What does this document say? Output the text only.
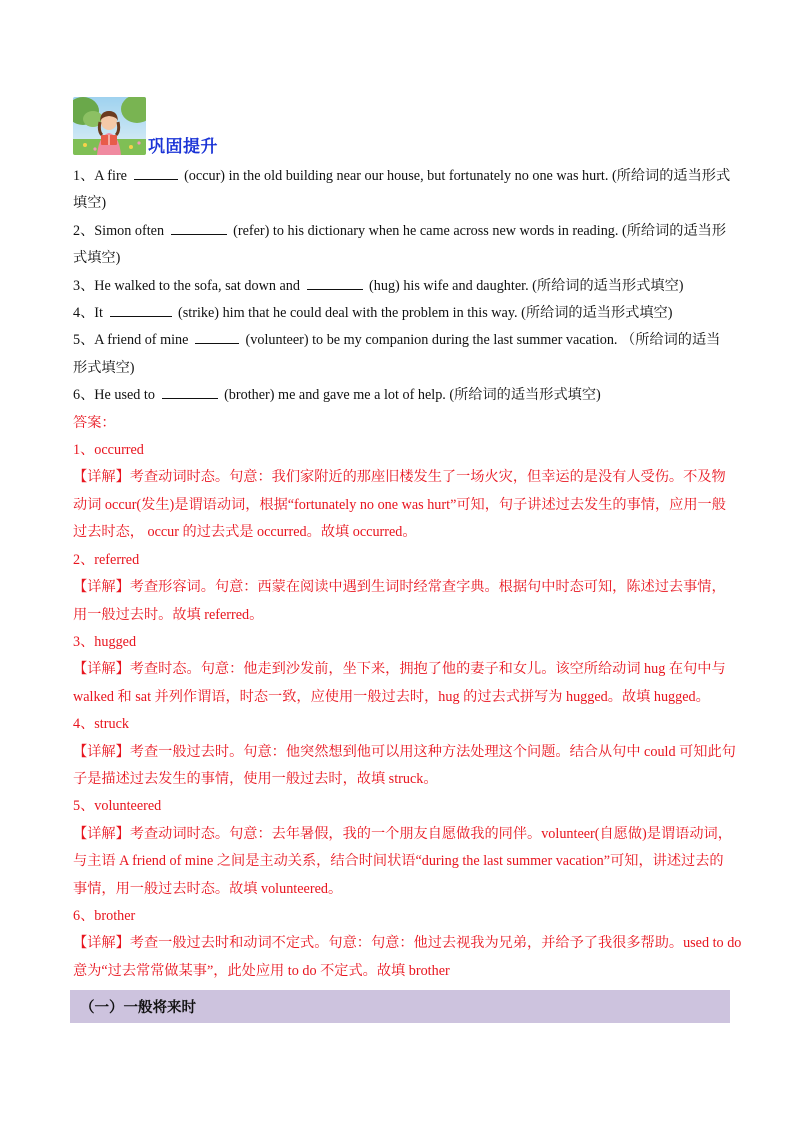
巩固提升
1、A fire	(occur) in the old building near our house, but fortunately no one was hurt. (所给词的适当形式
填空)
2、Simon often	(refer) to his dictionary when he came across new words in reading. (所给词的适当形
式填空)
3、He walked to the sofa, sat down and	(hug) his wife and daughter. (所给词的适当形式填空)
4、It	(strike) him that he could deal with the problem in this way. (所给词的适当形式填空)
5、A friend of mine	(volunteer) to be my companion during the last summer vacation. （所给词的适当
形式填空)
6、He used to	(brother) me and gave me a lot of help. (所给词的适当形式填空)
答案：
1、occurred
【详解】考查动词时态。句意：我们家附近的那座旧楼发生了一场火灾，但幸运的是没有人受伤。不及物
动词 occur(发生)是谓语动词，根据“fortunately no one was hurt”可知，句子讲述过去发生的事情，应用一般
过去时态， occur 的过去式是 occurred。故填 occurred。
2、referred
【详解】考查形容词。句意：西蒙在阅读中遇到生词时经常查字典。根据句中时态可知，陈述过去事情，
用一般过去时。故填 referred。
3、hugged
【详解】考查时态。句意：他走到沙发前，坐下来，拥抱了他的妻子和女儿。该空所给动词 hug 在句中与
walked 和 sat 并列作谓语，时态一致，应使用一般过去时，hug 的过去式拼写为 hugged。故填 hugged。
4、struck
【详解】考查一般过去时。句意：他突然想到他可以用这种方法处理这个问题。结合从句中 could 可知此句
子是描述过去发生的事情，使用一般过去时，故填 struck。
5、volunteered
【详解】考查动词时态。句意：去年暑假，我的一个朋友自愿做我的同伴。volunteer(自愿做)是谓语动词，
与主语 A friend of mine 之间是主动关系，结合时间状语“during the last summer vacation”可知，讲述过去的
事情，用一般过去时态。故填 volunteered。
6、brother
【详解】考查一般过去时和动词不定式。句意：句意：他过去视我为兄弟，并给予了我很多帮助。used to do
意为“过去常常做某事”，此处应用 to do 不定式。故填 brother
（一）一般将来时
